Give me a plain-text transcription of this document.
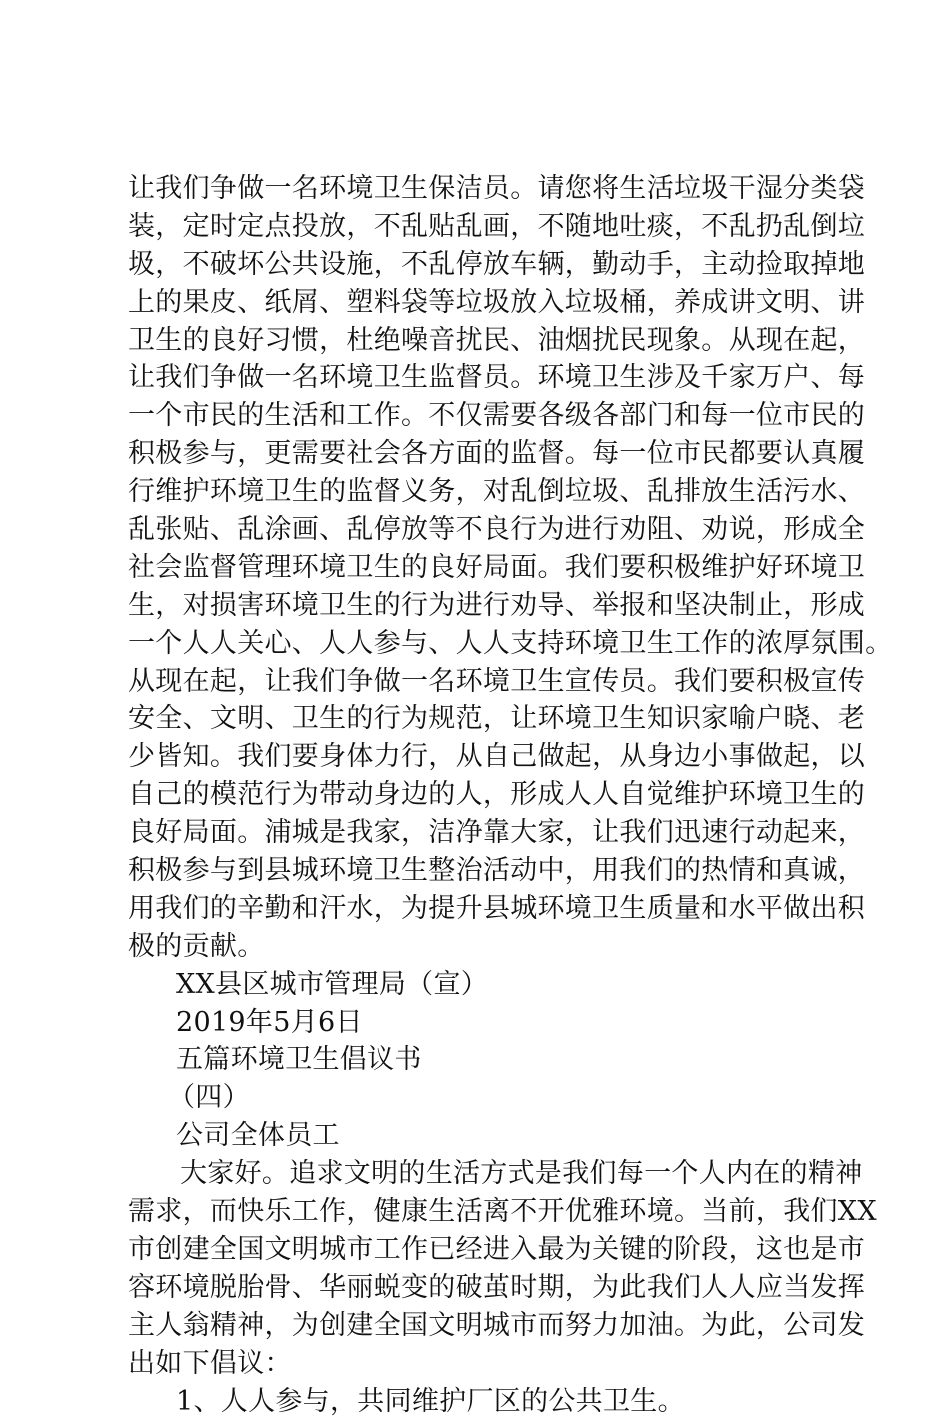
让我们争做一名环境卫生保洁员。请您将生活垃圾干湿分类袋
装，定时定点投放，不乱贴乱画，不随地吐痰，不乱扔乱倒垃
圾，不破坏公共设施，不乱停放车辆，勤动手，主动捡取掉地
上的果皮、纸屑、塑料袋等垃圾放入垃圾桶，养成讲文明、讲
卫生的良好习惯，杜绝噪音扰民、油烟扰民现象。从现在起，
让我们争做一名环境卫生监督员。环境卫生涉及千家万户、每
一个市民的生活和工作。不仅需要各级各部门和每一位市民的
积极参与，更需要社会各方面的监督。每一位市民都要认真履
行维护环境卫生的监督义务，对乱倒垃圾、乱排放生活污水、
乱张贴、乱涂画、乱停放等不良行为进行劝阻、劝说，形成全
社会监督管理环境卫生的良好局面。我们要积极维护好环境卫
生，对损害环境卫生的行为进行劝导、举报和坚决制止，形成
一个人人关心、人人参与、人人支持环境卫生工作的浓厚氛围。
从现在起，让我们争做一名环境卫生宣传员。我们要积极宣传
安全、文明、卫生的行为规范，让环境卫生知识家喻户晓、老
少皆知。我们要身体力行，从自己做起，从身边小事做起，以
自己的模范行为带动身边的人，形成人人自觉维护环境卫生的
良好局面。浦城是我家，洁净靠大家，让我们迅速行动起来，
积极参与到县城环境卫生整治活动中，用我们的热情和真诚，
用我们的辛勤和汗水，为提升县城环境卫生质量和水平做出积
极的贡献。
XX县区城市管理局（宣）
2019年5月6日
五篇环境卫生倡议书
（四）
公司全体员工
大家好。追求文明的生活方式是我们每一个人内在的精神
需求，而快乐工作，健康生活离不开优雅环境。当前，我们XX
市创建全国文明城市工作已经进入最为关键的阶段，这也是市
容环境脱胎骨、华丽蜕变的破茧时期，为此我们人人应当发挥
主人翁精神，为创建全国文明城市而努力加油。为此，公司发
出如下倡议：
1、人人参与，共同维护厂区的公共卫生。
